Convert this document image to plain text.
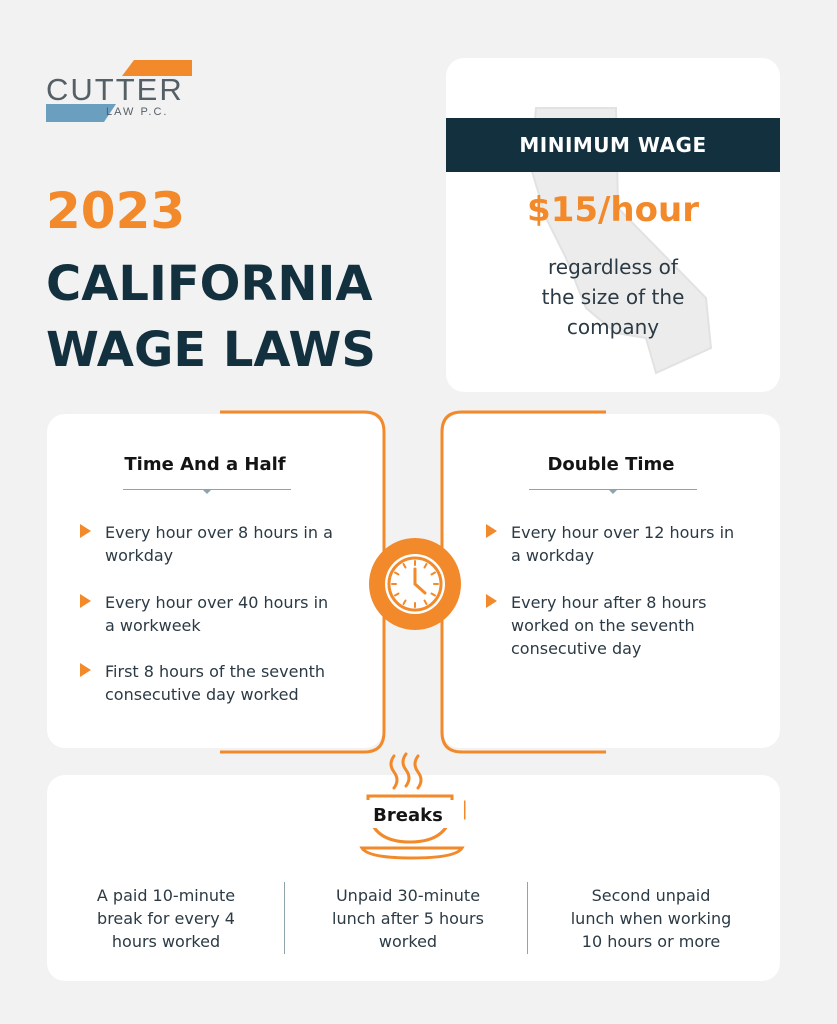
CUTTER
LAW P.C.
2023
CALIFORNIA
WAGE LAWS
MINIMUM WAGE
$15/hour
regardless of
the size of the
company
Time And a Half
Every hour over 8 hours in a
workday
Every hour over 40 hours in
a workweek
First 8 hours of the seventh
consecutive day worked
Double Time
Every hour over 12 hours in
a workday
Every hour after 8 hours
worked on the seventh
consecutive day
Breaks
A paid 10-minute
break for every 4
hours worked
Unpaid 30-minute
lunch after 5 hours
worked
Second unpaid
lunch when working
10 hours or more
